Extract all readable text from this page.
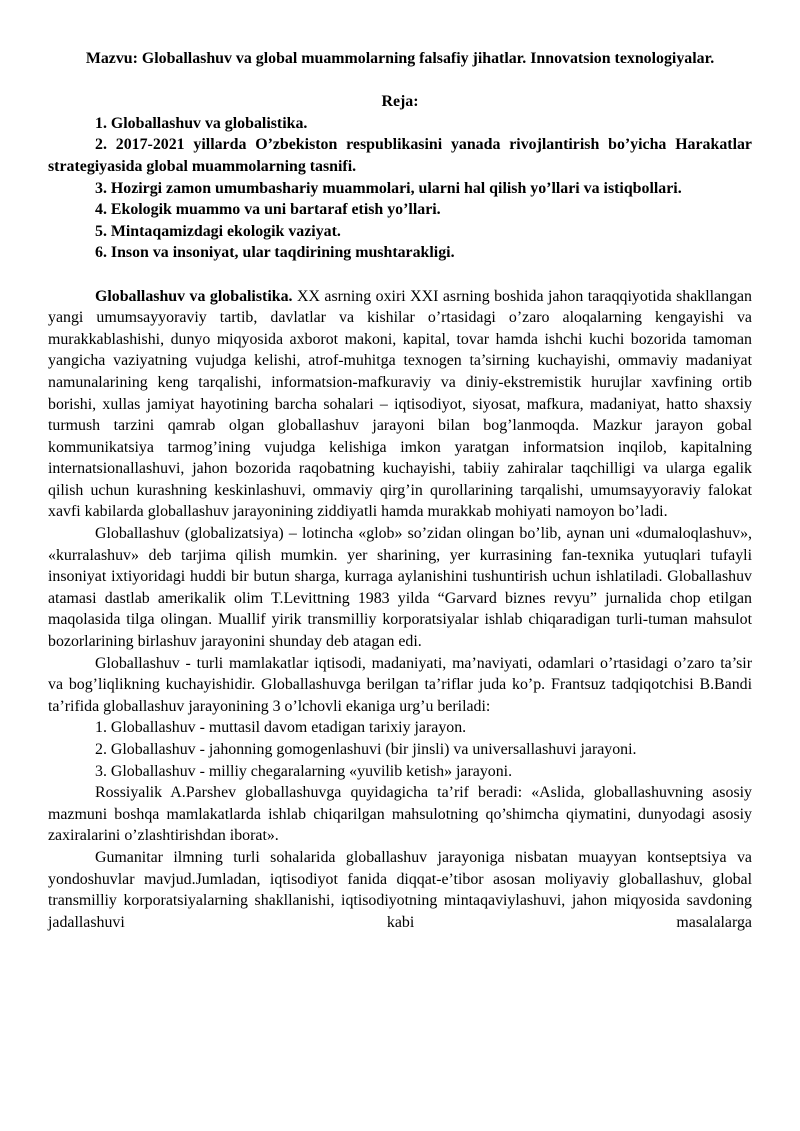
Mazvu: Globallashuv va global muammolarning falsafiy jihatlar. Innovatsion texnologiyalar.

Reja:

1. Globallashuv va globalistika.

2. 2017-2021 yillarda O’zbekiston respublikasini yanada rivojlantirish bo’yicha Harakatlar strategiyasida global muammolarning tasnifi.

3. Hozirgi zamon umumbashariy muammolari, ularni hal qilish yo’llari va istiqbollari.

4. Ekologik muammo va uni bartaraf etish yo’llari.

5. Mintaqamizdagi ekologik vaziyat.

6. Inson va insoniyat, ular taqdirining mushtarakligi.

Globallashuv va globalistika. XX asrning oxiri XXI asrning boshida jahon taraqqiyotida shakllangan yangi umumsayyoraviy tartib, davlatlar va kishilar o’rtasidagi o’zaro aloqalarning kengayishi va murakkablashishi, dunyo miqyosida axborot makoni, kapital, tovar hamda ishchi kuchi bozorida tamoman yangicha vaziyatning vujudga kelishi, atrof-muhitga texnogen ta’sirning kuchayishi, ommaviy madaniyat namunalarining keng tarqalishi, informatsion-mafkuraviy va diniy-ekstremistik hurujlar xavfining ortib borishi, xullas jamiyat hayotining barcha sohalari – iqtisodiyot, siyosat, mafkura, madaniyat, hatto shaxsiy turmush tarzini qamrab olgan globallashuv jarayoni bilan bog’lanmoqda. Mazkur jarayon gobal kommunikatsiya tarmog’ining vujudga kelishiga imkon yaratgan informatsion inqilob, kapitalning internatsionallashuvi, jahon bozorida raqobatning kuchayishi, tabiiy zahiralar taqchilligi va ularga egalik qilish uchun kurashning keskinlashuvi, ommaviy qirg’in qurollarining tarqalishi, umumsayyoraviy falokat xavfi kabilarda globallashuv jarayonining ziddiyatli hamda murakkab mohiyati namoyon bo’ladi.

Globallashuv (globalizatsiya) – lotincha «glob» so’zidan olingan bo’lib, aynan uni «dumaloqlashuv», «kurralashuv» deb tarjima qilish mumkin. yer sharining, yer kurrasining fan-texnika yutuqlari tufayli insoniyat ixtiyoridagi huddi bir butun sharga, kurraga aylanishini tushuntirish uchun ishlatiladi. Globallashuv atamasi dastlab amerikalik olim T.Levittning 1983 yilda “Garvard biznes revyu” jurnalida chop etilgan maqolasida tilga olingan. Muallif yirik transmilliy korporatsiyalar ishlab chiqaradigan turli-tuman mahsulot bozorlarining birlashuv jarayonini shunday deb atagan edi.

Globallashuv - turli mamlakatlar iqtisodi, madaniyati, ma’naviyati, odamlari o’rtasidagi o’zaro ta’sir va bog’liqlikning kuchayishidir. Globallashuvga berilgan ta’riflar juda ko’p. Frantsuz tadqiqotchisi B.Bandi ta’rifida globallashuv jarayonining 3 o’lchovli ekaniga urg’u beriladi:

1. Globallashuv - muttasil davom etadigan tarixiy jarayon.

2. Globallashuv - jahonning gomogenlashuvi (bir jinsli) va universallashuvi jarayoni.

3. Globallashuv - milliy chegaralarning «yuvilib ketish» jarayoni.

Rossiyalik A.Parshev globallashuvga quyidagicha ta’rif beradi: «Aslida, globallashuvning asosiy mazmuni boshqa mamlakatlarda ishlab chiqarilgan mahsulotning qo’shimcha qiymatini, dunyodagi asosiy zaxiralarini o’zlashtirishdan iborat».

Gumanitar ilmning turli sohalarida globallashuv jarayoniga nisbatan muayyan kontseptsiya va yondoshuvlar mavjud.Jumladan, iqtisodiyot fanida diqqat-e’tibor asosan moliyaviy globallashuv, global transmilliy korporatsiyalarning shakllanishi, iqtisodiyotning mintaqaviylashuvi, jahon miqyosida savdoning jadallashuvi kabi masalalarga
